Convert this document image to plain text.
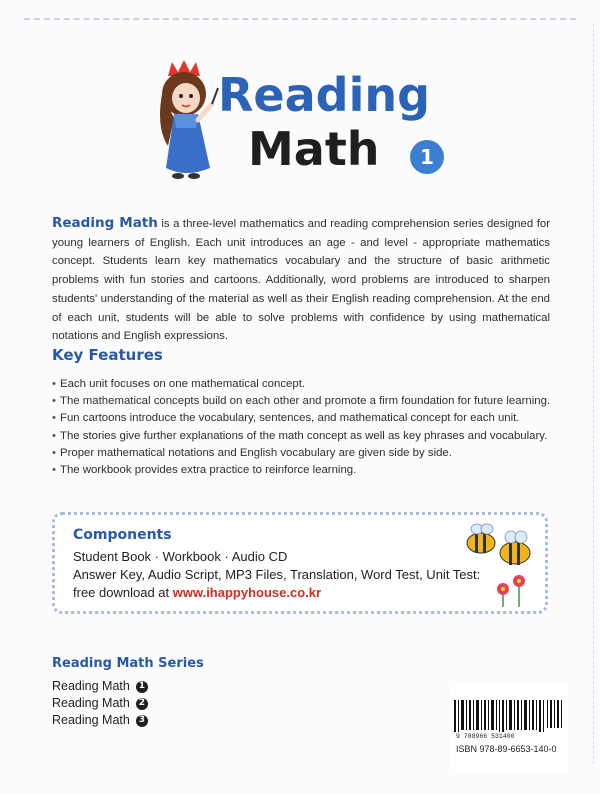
Reading
Math	1

Reading Math is a three-level mathematics and reading comprehension series designed for young learners of English. Each unit introduces an age - and level - appropriate mathematics concept. Students learn key mathematics vocabulary and the structure of basic arithmetic problems with fun stories and cartoons. Additionally, word problems are introduced to sharpen students' understanding of the material as well as their English reading comprehension. At the end of each unit, students will be able to solve problems with confidence by using mathematical notations and English expressions.

Key Features
• Each unit focuses on one mathematical concept.
• The mathematical concepts build on each other and promote a firm foundation for future learning.
• Fun cartoons introduce the vocabulary, sentences, and mathematical concept for each unit.
• The stories give further explanations of the math concept as well as key phrases and vocabulary.
• Proper mathematical notations and English vocabulary are given side by side.
• The workbook provides extra practice to reinforce learning.
Components
Student Book · Workbook · Audio CD
Answer Key, Audio Script, MP3 Files, Translation, Word Test, Unit Test:
free download at www.ihappyhouse.co.kr
Reading Math Series
Reading Math 1
Reading Math 2
Reading Math 3
9 788966 531400
ISBN 978-89-6653-140-0
